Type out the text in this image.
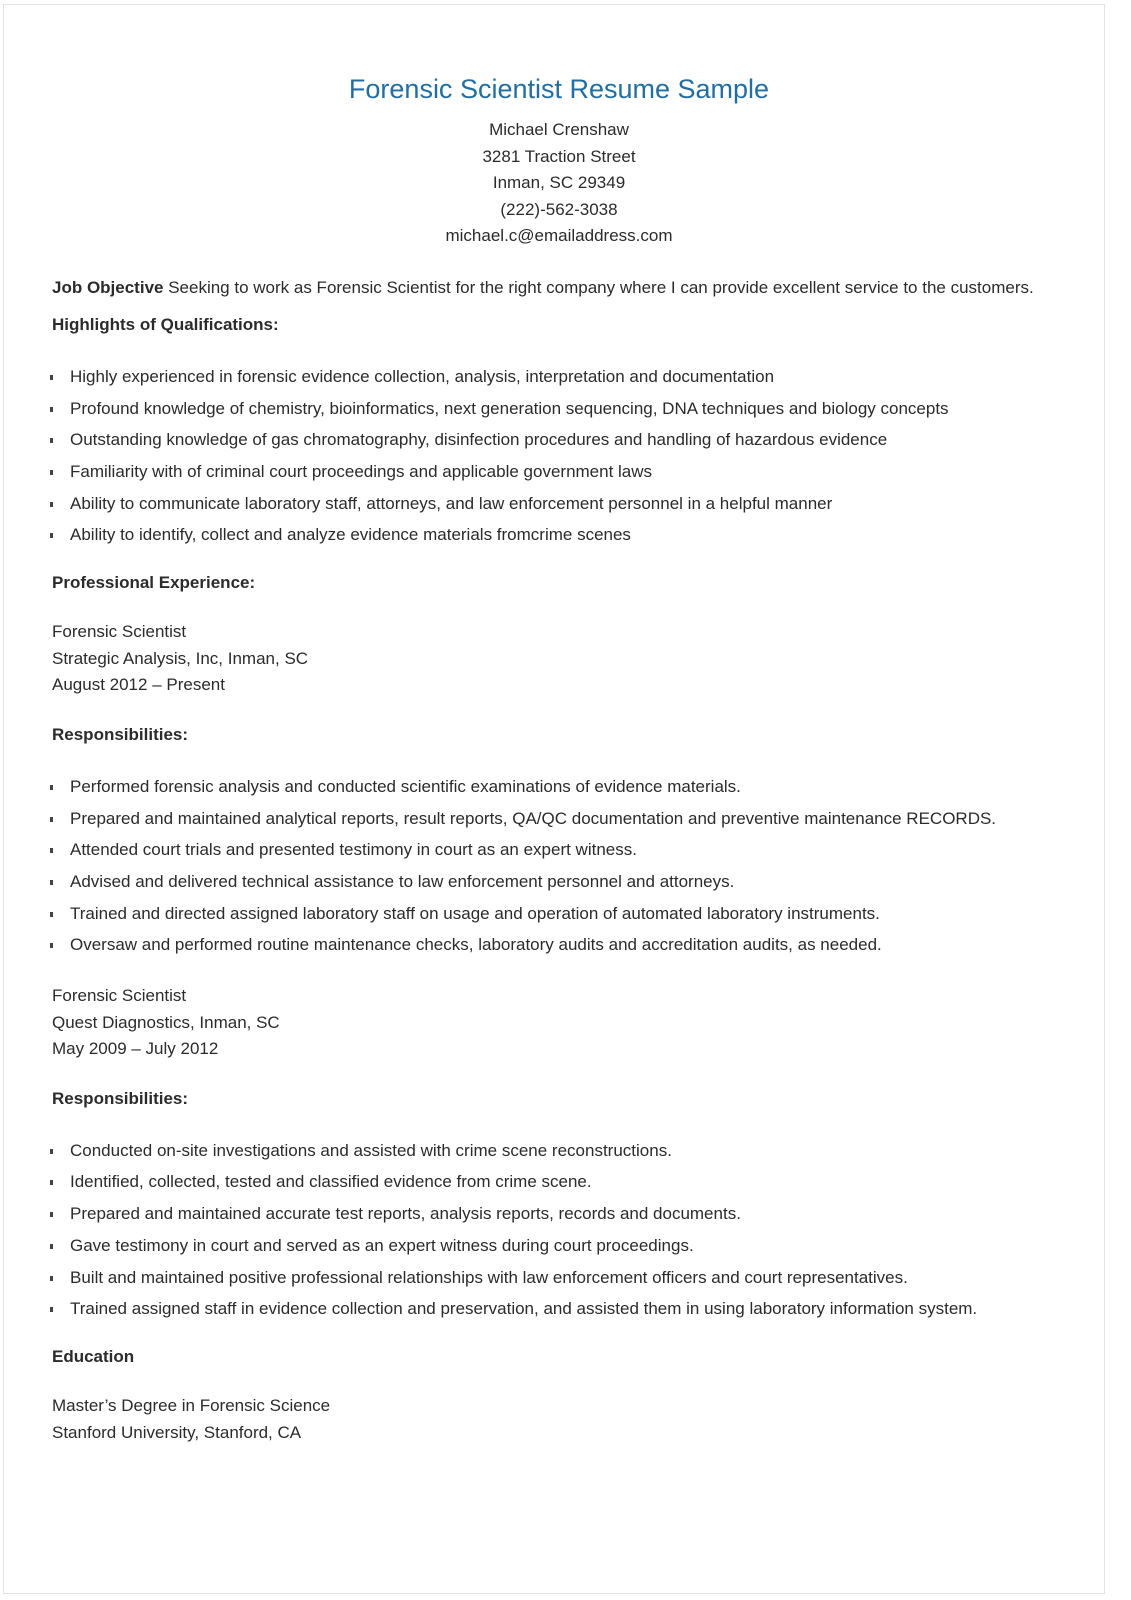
Forensic Scientist Resume Sample
Michael Crenshaw
3281 Traction Street
Inman, SC 29349
(222)-562-3038
michael.c@emailaddress.com
Job Objective Seeking to work as Forensic Scientist for the right company where I can provide excellent service to the customers.
Highlights of Qualifications:
Highly experienced in forensic evidence collection, analysis, interpretation and documentation
Profound knowledge of chemistry, bioinformatics, next generation sequencing, DNA techniques and biology concepts
Outstanding knowledge of gas chromatography, disinfection procedures and handling of hazardous evidence
Familiarity with of criminal court proceedings and applicable government laws
Ability to communicate laboratory staff, attorneys, and law enforcement personnel in a helpful manner
Ability to identify, collect and analyze evidence materials fromcrime scenes
Professional Experience:
Forensic Scientist
Strategic Analysis, Inc, Inman, SC
August 2012 – Present
Responsibilities:
Performed forensic analysis and conducted scientific examinations of evidence materials.
Prepared and maintained analytical reports, result reports, QA/QC documentation and preventive maintenance RECORDS.
Attended court trials and presented testimony in court as an expert witness.
Advised and delivered technical assistance to law enforcement personnel and attorneys.
Trained and directed assigned laboratory staff on usage and operation of automated laboratory instruments.
Oversaw and performed routine maintenance checks, laboratory audits and accreditation audits, as needed.
Forensic Scientist
Quest Diagnostics, Inman, SC
May 2009 – July 2012
Responsibilities:
Conducted on-site investigations and assisted with crime scene reconstructions.
Identified, collected, tested and classified evidence from crime scene.
Prepared and maintained accurate test reports, analysis reports, records and documents.
Gave testimony in court and served as an expert witness during court proceedings.
Built and maintained positive professional relationships with law enforcement officers and court representatives.
Trained assigned staff in evidence collection and preservation, and assisted them in using laboratory information system.
Education
Master’s Degree in Forensic Science
Stanford University, Stanford, CA
